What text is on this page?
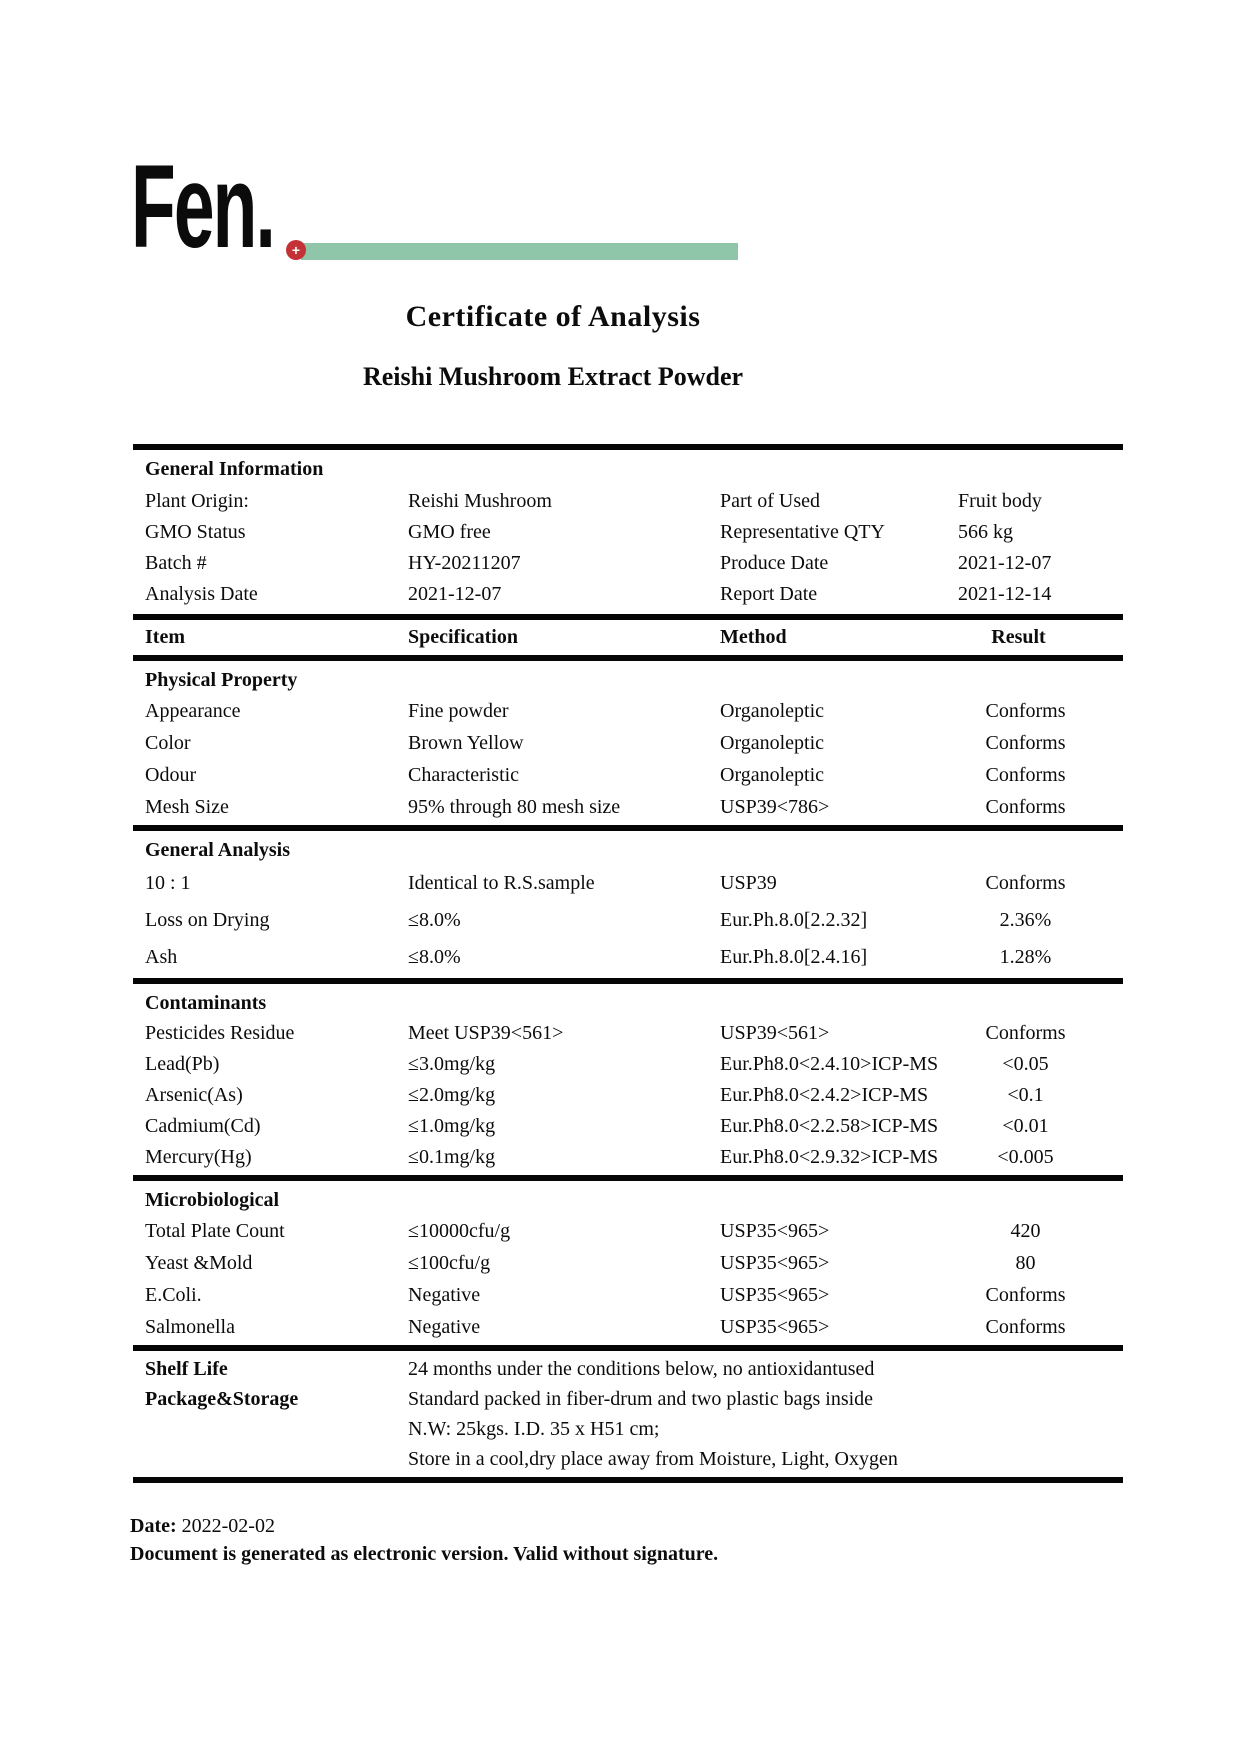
Fen.	+
Certificate of Analysis
Reishi Mushroom Extract Powder
General Information
Plant Origin:	Reishi Mushroom	Part of Used	Fruit body
GMO Status	GMO free	Representative QTY	566 kg
Batch #	HY-20211207	Produce Date	2021-12-07
Analysis Date	2021-12-07	Report Date	2021-12-14
Item	Specification	Method	Result
Physical Property
Appearance	Fine powder	Organoleptic	Conforms
Color	Brown Yellow	Organoleptic	Conforms
Odour	Characteristic	Organoleptic	Conforms
Mesh Size	95% through 80 mesh size	USP39<786>	Conforms
General Analysis
10 : 1	Identical to R.S.sample	USP39	Conforms
Loss on Drying	≤8.0%	Eur.Ph.8.0[2.2.32]	2.36%
Ash	≤8.0%	Eur.Ph.8.0[2.4.16]	1.28%
Contaminants
Pesticides Residue	Meet USP39<561>	USP39<561>	Conforms
Lead(Pb)	≤3.0mg/kg	Eur.Ph8.0<2.4.10>ICP-MS	<0.05
Arsenic(As)	≤2.0mg/kg	Eur.Ph8.0<2.4.2>ICP-MS	<0.1
Cadmium(Cd)	≤1.0mg/kg	Eur.Ph8.0<2.2.58>ICP-MS	<0.01
Mercury(Hg)	≤0.1mg/kg	Eur.Ph8.0<2.9.32>ICP-MS	<0.005
Microbiological
Total Plate Count	≤10000cfu/g	USP35<965>	420
Yeast &Mold	≤100cfu/g	USP35<965>	80
E.Coli.	Negative	USP35<965>	Conforms
Salmonella	Negative	USP35<965>	Conforms
Shelf Life	24 months under the conditions below, no antioxidantused
Package&Storage	Standard packed in fiber-drum and two plastic bags inside
N.W: 25kgs. I.D. 35 x H51 cm;
Store in a cool,dry place away from Moisture, Light, Oxygen
Date: 2022-02-02
Document is generated as electronic version. Valid without signature.
